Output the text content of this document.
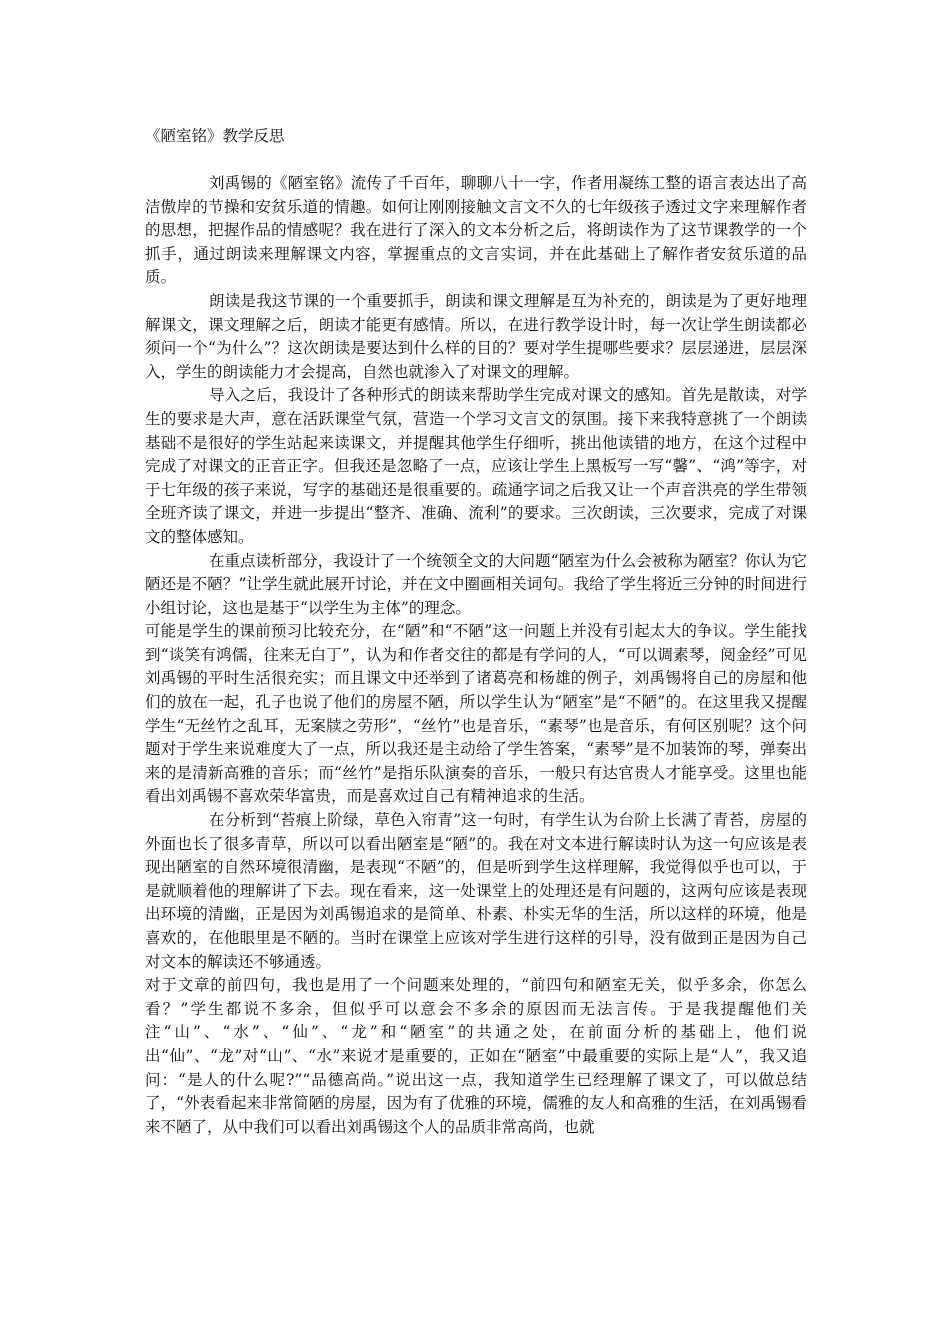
《陋室铭》教学反思

刘禹锡的《陋室铭》流传了千百年，聊聊八十一字，作者用凝练工整的语言表达出了高洁傲岸的节操和安贫乐道的情趣。如何让刚刚接触文言文不久的七年级孩子透过文字来理解作者的思想，把握作品的情感呢？我在进行了深入的文本分析之后，将朗读作为了这节课教学的一个抓手，通过朗读来理解课文内容，掌握重点的文言实词，并在此基础上了解作者安贫乐道的品质。

朗读是我这节课的一个重要抓手，朗读和课文理解是互为补充的，朗读是为了更好地理解课文，课文理解之后，朗读才能更有感情。所以，在进行教学设计时，每一次让学生朗读都必须问一个“为什么”？这次朗读是要达到什么样的目的？要对学生提哪些要求？层层递进，层层深入，学生的朗读能力才会提高，自然也就渗入了对课文的理解。

导入之后，我设计了各种形式的朗读来帮助学生完成对课文的感知。首先是散读，对学生的要求是大声，意在活跃课堂气氛，营造一个学习文言文的氛围。接下来我特意挑了一个朗读基础不是很好的学生站起来读课文，并提醒其他学生仔细听，挑出他读错的地方，在这个过程中完成了对课文的正音正字。但我还是忽略了一点，应该让学生上黑板写一写“馨”、“鸿”等字，对于七年级的孩子来说，写字的基础还是很重要的。疏通字词之后我又让一个声音洪亮的学生带领全班齐读了课文，并进一步提出“整齐、准确、流利”的要求。三次朗读，三次要求，完成了对课文的整体感知。

在重点读析部分，我设计了一个统领全文的大问题“陋室为什么会被称为陋室？你认为它陋还是不陋？”让学生就此展开讨论，并在文中圈画相关词句。我给了学生将近三分钟的时间进行小组讨论，这也是基于“以学生为主体”的理念。

可能是学生的课前预习比较充分，在“陋”和“不陋”这一问题上并没有引起太大的争议。学生能找到“谈笑有鸿儒，往来无白丁”，认为和作者交往的都是有学问的人，“可以调素琴，阅金经”可见刘禹锡的平时生活很充实；而且课文中还举到了诸葛亮和杨雄的例子，刘禹锡将自己的房屋和他们的放在一起，孔子也说了他们的房屋不陋，所以学生认为“陋室”是“不陋”的。在这里我又提醒学生“无丝竹之乱耳，无案牍之劳形”，“丝竹”也是音乐，“素琴”也是音乐，有何区别呢？这个问题对于学生来说难度大了一点，所以我还是主动给了学生答案，“素琴”是不加装饰的琴，弹奏出来的是清新高雅的音乐；而“丝竹”是指乐队演奏的音乐，一般只有达官贵人才能享受。这里也能看出刘禹锡不喜欢荣华富贵，而是喜欢过自己有精神追求的生活。

在分析到“苔痕上阶绿，草色入帘青”这一句时，有学生认为台阶上长满了青苔，房屋的外面也长了很多青草，所以可以看出陋室是“陋”的。我在对文本进行解读时认为这一句应该是表现出陋室的自然环境很清幽，是表现“不陋”的，但是听到学生这样理解，我觉得似乎也可以，于是就顺着他的理解讲了下去。现在看来，这一处课堂上的处理还是有问题的，这两句应该是表现出环境的清幽，正是因为刘禹锡追求的是简单、朴素、朴实无华的生活，所以这样的环境，他是喜欢的，在他眼里是不陋的。当时在课堂上应该对学生进行这样的引导，没有做到正是因为自己对文本的解读还不够通透。

对于文章的前四句，我也是用了一个问题来处理的，“前四句和陋室无关，似乎多余，你怎么看？”学生都说不多余，但似乎可以意会不多余的原因而无法言传。于是我提醒他们关注“山”、“水”、“仙”、“龙”和“陋室”的共通之处，在前面分析的基础上，他们说出“仙”、“龙”对“山”、“水”来说才是重要的，正如在“陋室”中最重要的实际上是“人”，我又追问：“是人的什么呢?”“品德高尚。”说出这一点，我知道学生已经理解了课文了，可以做总结了，“外表看起来非常简陋的房屋，因为有了优雅的环境，儒雅的友人和高雅的生活，在刘禹锡看来不陋了，从中我们可以看出刘禹锡这个人的品质非常高尚，也就
